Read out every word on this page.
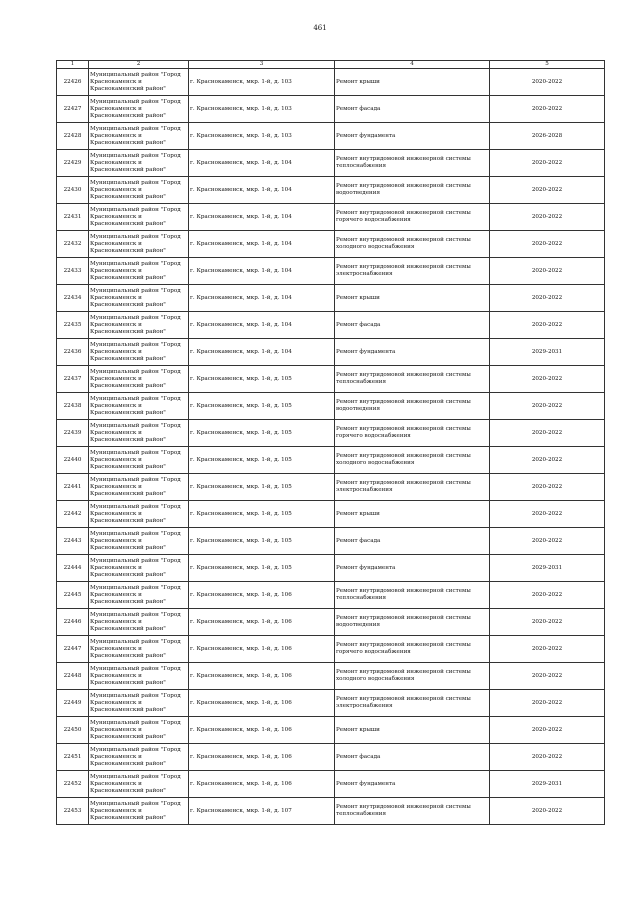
461
1	2	3	4	5
22426	Муниципальный район "Город Краснокаменск и Краснокаменский район"	г. Краснокаменск, мкр. 1-й, д. 103	Ремонт крыши	2020-2022
22427	Муниципальный район "Город Краснокаменск и Краснокаменский район"	г. Краснокаменск, мкр. 1-й, д. 103	Ремонт фасада	2020-2022
22428	Муниципальный район "Город Краснокаменск и Краснокаменский район"	г. Краснокаменск, мкр. 1-й, д. 103	Ремонт фундамента	2026-2028
22429	Муниципальный район "Город Краснокаменск и Краснокаменский район"	г. Краснокаменск, мкр. 1-й, д. 104	Ремонт внутридомовой инженерной системы теплоснабжения	2020-2022
22430	Муниципальный район "Город Краснокаменск и Краснокаменский район"	г. Краснокаменск, мкр. 1-й, д. 104	Ремонт внутридомовой инженерной системы водоотведения	2020-2022
22431	Муниципальный район "Город Краснокаменск и Краснокаменский район"	г. Краснокаменск, мкр. 1-й, д. 104	Ремонт внутридомовой инженерной системы горячего водоснабжения	2020-2022
22432	Муниципальный район "Город Краснокаменск и Краснокаменский район"	г. Краснокаменск, мкр. 1-й, д. 104	Ремонт внутридомовой инженерной системы холодного водоснабжения	2020-2022
22433	Муниципальный район "Город Краснокаменск и Краснокаменский район"	г. Краснокаменск, мкр. 1-й, д. 104	Ремонт внутридомовой инженерной системы электроснабжения	2020-2022
22434	Муниципальный район "Город Краснокаменск и Краснокаменский район"	г. Краснокаменск, мкр. 1-й, д. 104	Ремонт крыши	2020-2022
22435	Муниципальный район "Город Краснокаменск и Краснокаменский район"	г. Краснокаменск, мкр. 1-й, д. 104	Ремонт фасада	2020-2022
22436	Муниципальный район "Город Краснокаменск и Краснокаменский район"	г. Краснокаменск, мкр. 1-й, д. 104	Ремонт фундамента	2029-2031
22437	Муниципальный район "Город Краснокаменск и Краснокаменский район"	г. Краснокаменск, мкр. 1-й, д. 105	Ремонт внутридомовой инженерной системы теплоснабжения	2020-2022
22438	Муниципальный район "Город Краснокаменск и Краснокаменский район"	г. Краснокаменск, мкр. 1-й, д. 105	Ремонт внутридомовой инженерной системы водоотведения	2020-2022
22439	Муниципальный район "Город Краснокаменск и Краснокаменский район"	г. Краснокаменск, мкр. 1-й, д. 105	Ремонт внутридомовой инженерной системы горячего водоснабжения	2020-2022
22440	Муниципальный район "Город Краснокаменск и Краснокаменский район"	г. Краснокаменск, мкр. 1-й, д. 105	Ремонт внутридомовой инженерной системы холодного водоснабжения	2020-2022
22441	Муниципальный район "Город Краснокаменск и Краснокаменский район"	г. Краснокаменск, мкр. 1-й, д. 105	Ремонт внутридомовой инженерной системы электроснабжения	2020-2022
22442	Муниципальный район "Город Краснокаменск и Краснокаменский район"	г. Краснокаменск, мкр. 1-й, д. 105	Ремонт крыши	2020-2022
22443	Муниципальный район "Город Краснокаменск и Краснокаменский район"	г. Краснокаменск, мкр. 1-й, д. 105	Ремонт фасада	2020-2022
22444	Муниципальный район "Город Краснокаменск и Краснокаменский район"	г. Краснокаменск, мкр. 1-й, д. 105	Ремонт фундамента	2029-2031
22445	Муниципальный район "Город Краснокаменск и Краснокаменский район"	г. Краснокаменск, мкр. 1-й, д. 106	Ремонт внутридомовой инженерной системы теплоснабжения	2020-2022
22446	Муниципальный район "Город Краснокаменск и Краснокаменский район"	г. Краснокаменск, мкр. 1-й, д. 106	Ремонт внутридомовой инженерной системы водоотведения	2020-2022
22447	Муниципальный район "Город Краснокаменск и Краснокаменский район"	г. Краснокаменск, мкр. 1-й, д. 106	Ремонт внутридомовой инженерной системы горячего водоснабжения	2020-2022
22448	Муниципальный район "Город Краснокаменск и Краснокаменский район"	г. Краснокаменск, мкр. 1-й, д. 106	Ремонт внутридомовой инженерной системы холодного водоснабжения	2020-2022
22449	Муниципальный район "Город Краснокаменск и Краснокаменский район"	г. Краснокаменск, мкр. 1-й, д. 106	Ремонт внутридомовой инженерной системы электроснабжения	2020-2022
22450	Муниципальный район "Город Краснокаменск и Краснокаменский район"	г. Краснокаменск, мкр. 1-й, д. 106	Ремонт крыши	2020-2022
22451	Муниципальный район "Город Краснокаменск и Краснокаменский район"	г. Краснокаменск, мкр. 1-й, д. 106	Ремонт фасада	2020-2022
22452	Муниципальный район "Город Краснокаменск и Краснокаменский район"	г. Краснокаменск, мкр. 1-й, д. 106	Ремонт фундамента	2029-2031
22453	Муниципальный район "Город Краснокаменск и Краснокаменский район"	г. Краснокаменск, мкр. 1-й, д. 107	Ремонт внутридомовой инженерной системы теплоснабжения	2020-2022
